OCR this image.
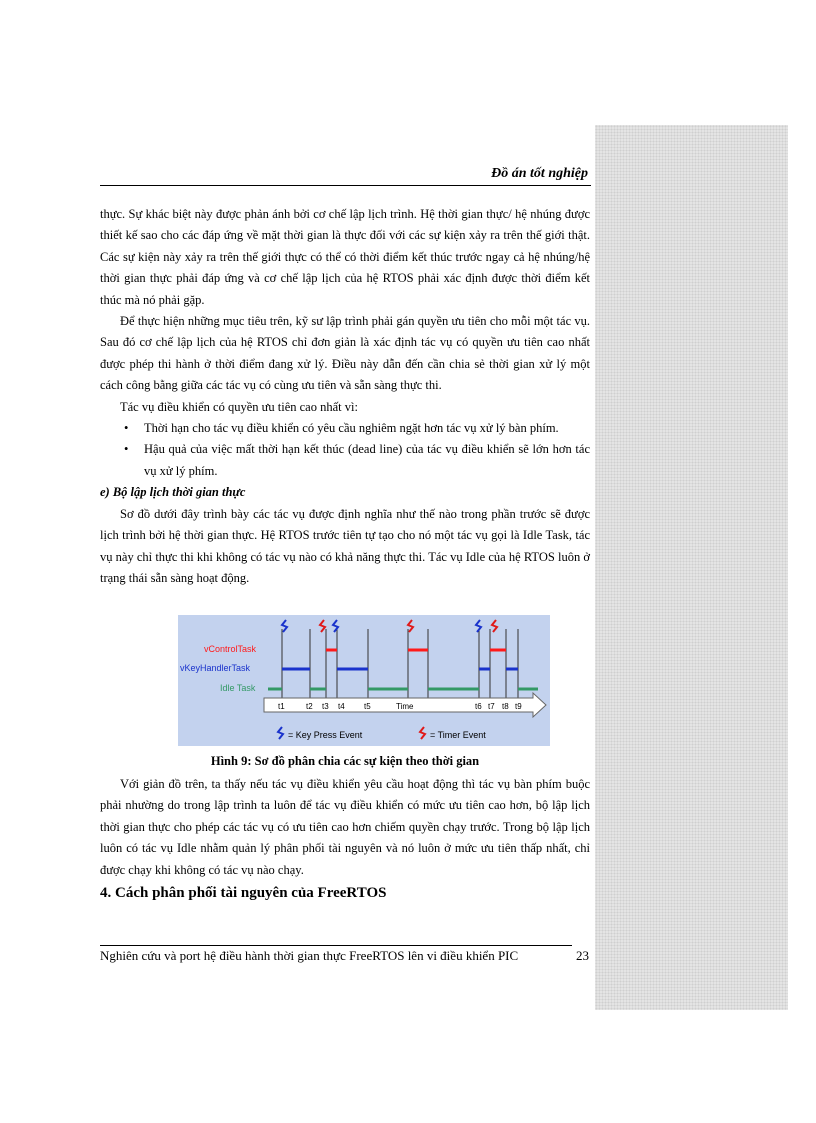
Đồ án tốt nghiệp

thực. Sự khác biệt này được phản ánh bởi cơ chế lập lịch trình. Hệ thời gian thực/ hệ nhúng được thiết kế sao cho các đáp ứng về mặt thời gian là thực đối với các sự kiện xảy ra trên thế giới thật. Các sự kiện này xảy ra trên thế giới thực có thể có thời điểm kết thúc trước ngay cả hệ nhúng/hệ thời gian thực phải đáp ứng và cơ chế lập lịch của hệ RTOS phải xác định được thời điểm kết thúc mà nó phải gặp.

Để thực hiện những mục tiêu trên, kỹ sư lập trình phải gán quyền ưu tiên cho mỗi một tác vụ. Sau đó cơ chế lập lịch của hệ RTOS chỉ đơn giản là xác định tác vụ có quyền ưu tiên cao nhất được phép thi hành ở thời điểm đang xử lý. Điều này dẫn đến cần chia sẻ thời gian xử lý một cách công bằng giữa các tác vụ có cùng ưu tiên và sẵn sàng thực thi.

Tác vụ điều khiển có quyền ưu tiên cao nhất vì:

• Thời hạn cho tác vụ điều khiển có yêu cầu nghiêm ngặt hơn tác vụ xử lý bàn phím.
• Hậu quả của việc mất thời hạn kết thúc (dead line) của tác vụ điều khiển sẽ lớn hơn tác vụ xử lý phím.

e) Bộ lập lịch thời gian thực

Sơ đồ dưới đây trình bày các tác vụ được định nghĩa như thế nào trong phần trước sẽ được lịch trình bởi hệ thời gian thực. Hệ RTOS trước tiên tự tạo cho nó một tác vụ gọi là Idle Task, tác vụ này chỉ thực thi khi không có tác vụ nào có khả năng thực thi. Tác vụ Idle của hệ RTOS luôn ở trạng thái sẵn sàng hoạt động.

vControlTask
vKeyHandlerTask
Idle Task
t1	t2 t3 t4 t5	t6 t7 t8 t9
Time
= Key Press Event	= Timer Event
Hình 9: Sơ đồ phân chia các sự kiện theo thời gian

Với giản đồ trên, ta thấy nếu tác vụ điều khiển yêu cầu hoạt động thì tác vụ bàn phím buộc phải nhường do trong lập trình ta luôn để tác vụ điều khiển có mức ưu tiên cao hơn, bộ lập lịch thời gian thực cho phép các tác vụ có ưu tiên cao hơn chiếm quyền chạy trước. Trong bộ lập lịch luôn có tác vụ Idle nhằm quản lý phân phối tài nguyên và nó luôn ở mức ưu tiên thấp nhất, chỉ được chạy khi không có tác vụ nào chạy.

4. Cách phân phối tài nguyên của FreeRTOS
Nghiên cứu và port hệ điều hành thời gian thực FreeRTOS lên vi điều khiển PIC	23
